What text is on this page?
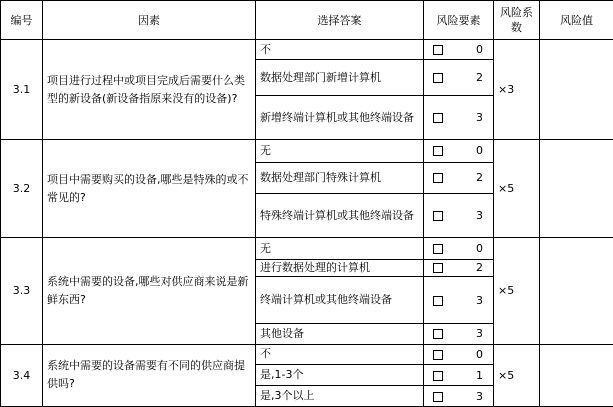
编号	因素	选择答案	风险要素	风险系数	风险值
3.1	项目进行过程中或项目完成后需要什么类型的新设备(新设备指原来没有的设备)?	不	0	×3	
		数据处理部门新增计算机	2		

		新增终端计算机或其他终端设备	3		

3.2	项目中需要购买的设备,哪些是特殊的或不常见的?	无	0	×5	
		数据处理部门特殊计算机	2		

		特殊终端计算机或其他终端设备	3		

3.3	系统中需要的设备,哪些对供应商来说是新鲜东西?	无	0	×5	
		进行数据处理的计算机	2		

		终端计算机或其他终端设备	3		

		其他设备	3		

3.4	系统中需要的设备需要有不同的供应商提供吗?	不	0	×5	
		是,1-3个	1		

		是,3个以上	3		
